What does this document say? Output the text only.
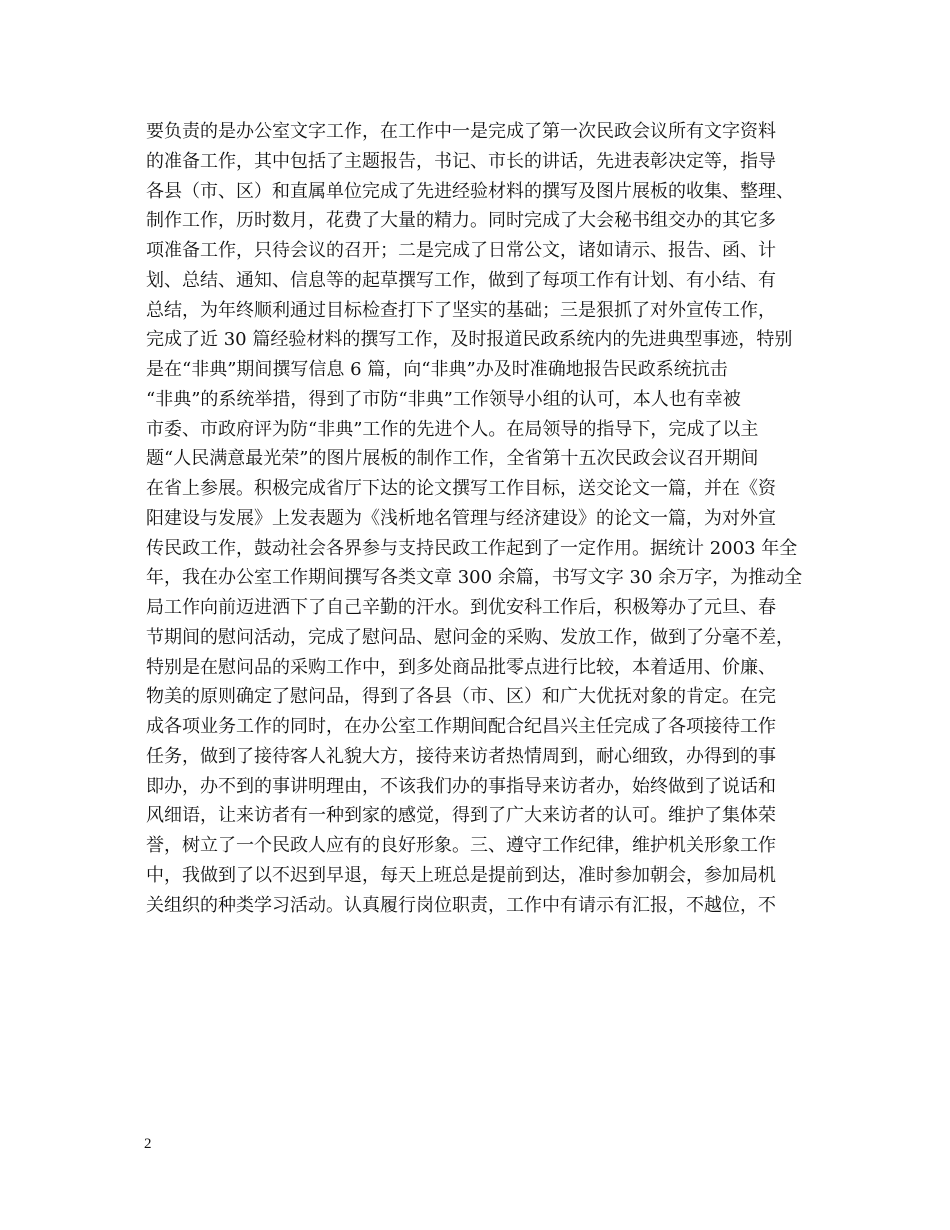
要负责的是办公室文字工作，在工作中一是完成了第一次民政会议所有文字资料
的准备工作，其中包括了主题报告，书记、市长的讲话，先进表彰决定等，指导
各县（市、区）和直属单位完成了先进经验材料的撰写及图片展板的收集、整理、
制作工作，历时数月，花费了大量的精力。同时完成了大会秘书组交办的其它多
项准备工作，只待会议的召开；二是完成了日常公文，诸如请示、报告、函、计
划、总结、通知、信息等的起草撰写工作，做到了每项工作有计划、有小结、有
总结，为年终顺利通过目标检查打下了坚实的基础；三是狠抓了对外宣传工作，
完成了近 30 篇经验材料的撰写工作，及时报道民政系统内的先进典型事迹，特别
是在“非典”期间撰写信息 6 篇，向“非典”办及时准确地报告民政系统抗击
“非典”的系统举措，得到了市防“非典”工作领导小组的认可，本人也有幸被
市委、市政府评为防“非典”工作的先进个人。在局领导的指导下，完成了以主
题“人民满意最光荣”的图片展板的制作工作，全省第十五次民政会议召开期间
在省上参展。积极完成省厅下达的论文撰写工作目标，送交论文一篇，并在《资
阳建设与发展》上发表题为《浅析地名管理与经济建设》的论文一篇，为对外宣
传民政工作，鼓动社会各界参与支持民政工作起到了一定作用。据统计 2003 年全
年，我在办公室工作期间撰写各类文章 300 余篇，书写文字 30 余万字，为推动全
局工作向前迈进洒下了自己辛勤的汗水。到优安科工作后，积极筹办了元旦、春
节期间的慰问活动，完成了慰问品、慰问金的采购、发放工作，做到了分毫不差，
特别是在慰问品的采购工作中，到多处商品批零点进行比较，本着适用、价廉、
物美的原则确定了慰问品，得到了各县（市、区）和广大优抚对象的肯定。在完
成各项业务工作的同时，在办公室工作期间配合纪昌兴主任完成了各项接待工作
任务，做到了接待客人礼貌大方，接待来访者热情周到，耐心细致，办得到的事
即办，办不到的事讲明理由，不该我们办的事指导来访者办，始终做到了说话和
风细语，让来访者有一种到家的感觉，得到了广大来访者的认可。维护了集体荣
誉，树立了一个民政人应有的良好形象。三、遵守工作纪律，维护机关形象工作
中，我做到了以不迟到早退，每天上班总是提前到达，准时参加朝会，参加局机
关组织的种类学习活动。认真履行岗位职责，工作中有请示有汇报，不越位，不
2
